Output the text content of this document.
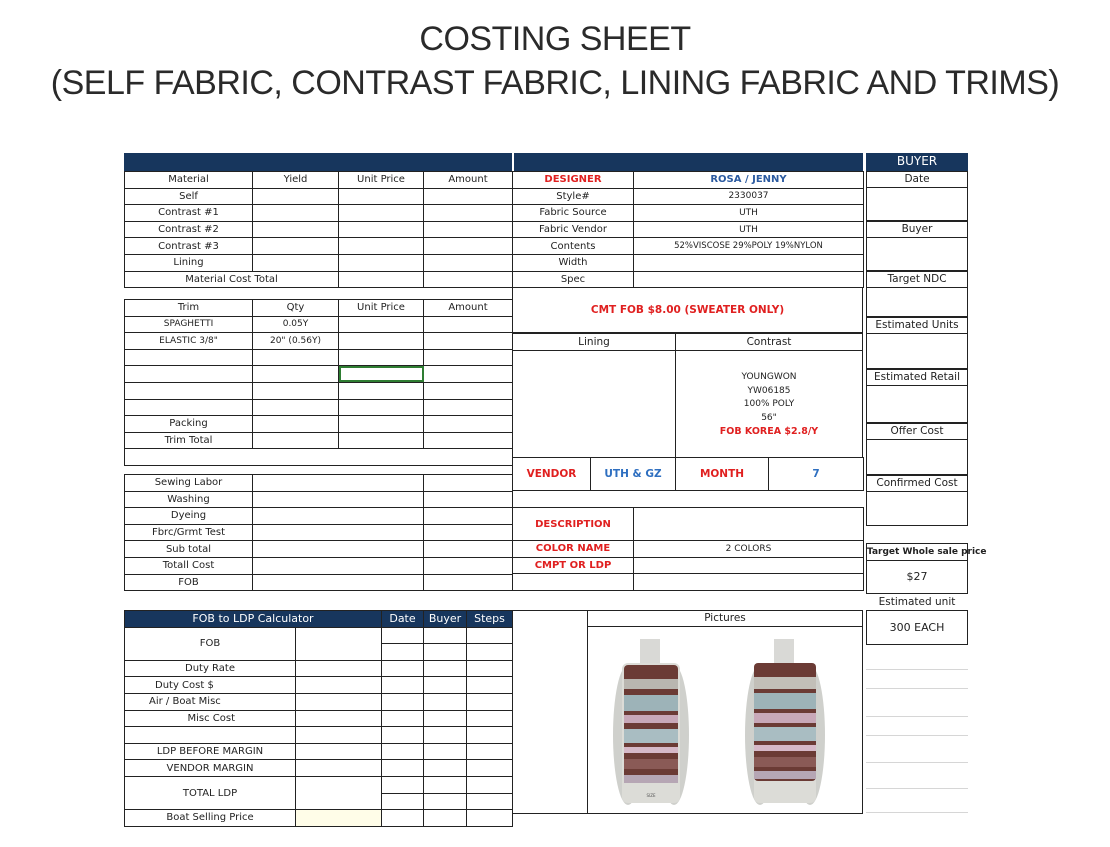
COSTING SHEET
(SELF FABRIC, CONTRAST FABRIC, LINING FABRIC AND TRIMS)
Material	Yield	Unit Price	Amount
Self			
Contrast #1			
Contrast #2			
Contrast #3			
Lining			
Material Cost Total			
Trim	Qty	Unit Price	Amount
SPAGHETTI	0.05Y		
ELASTIC 3/8"	20" (0.56Y)		

Packing			
Trim Total			

Sewing Labor		
Washing		
Dyeing		
Fbrc/Grmt Test		
Sub total		
Totall Cost		
FOB		
FOB to LDP Calculator		Date	Buyer	Steps
FOB				

Duty Rate				
Duty Cost $				
Air / Boat Misc				
Misc Cost				

LDP BEFORE MARGIN				
VENDOR MARGIN				
TOTAL LDP				

Boat Selling Price				
DESIGNER	ROSA / JENNY
Style#	2330037
Fabric Source	UTH
Fabric Vendor	UTH
Contents	52%VISCOSE 29%POLY 19%NYLON
Width	
Spec	
CMT FOB $8.00 (SWEATER ONLY)
Lining	Contrast
YOUNGWON
YW06185
100% POLY
56"
FOB KOREA $2.8/Y
VENDOR	UTH & GZ	MONTH	7
DESCRIPTION	
COLOR NAME	2 COLORS
CMPT OR LDP	

Pictures
SIZE
BUYER
Date
Buyer
Target NDC
Estimated Units
Estimated Retail
Offer Cost
Confirmed Cost
Target Whole sale price
$27
Estimated unit
300 EACH
